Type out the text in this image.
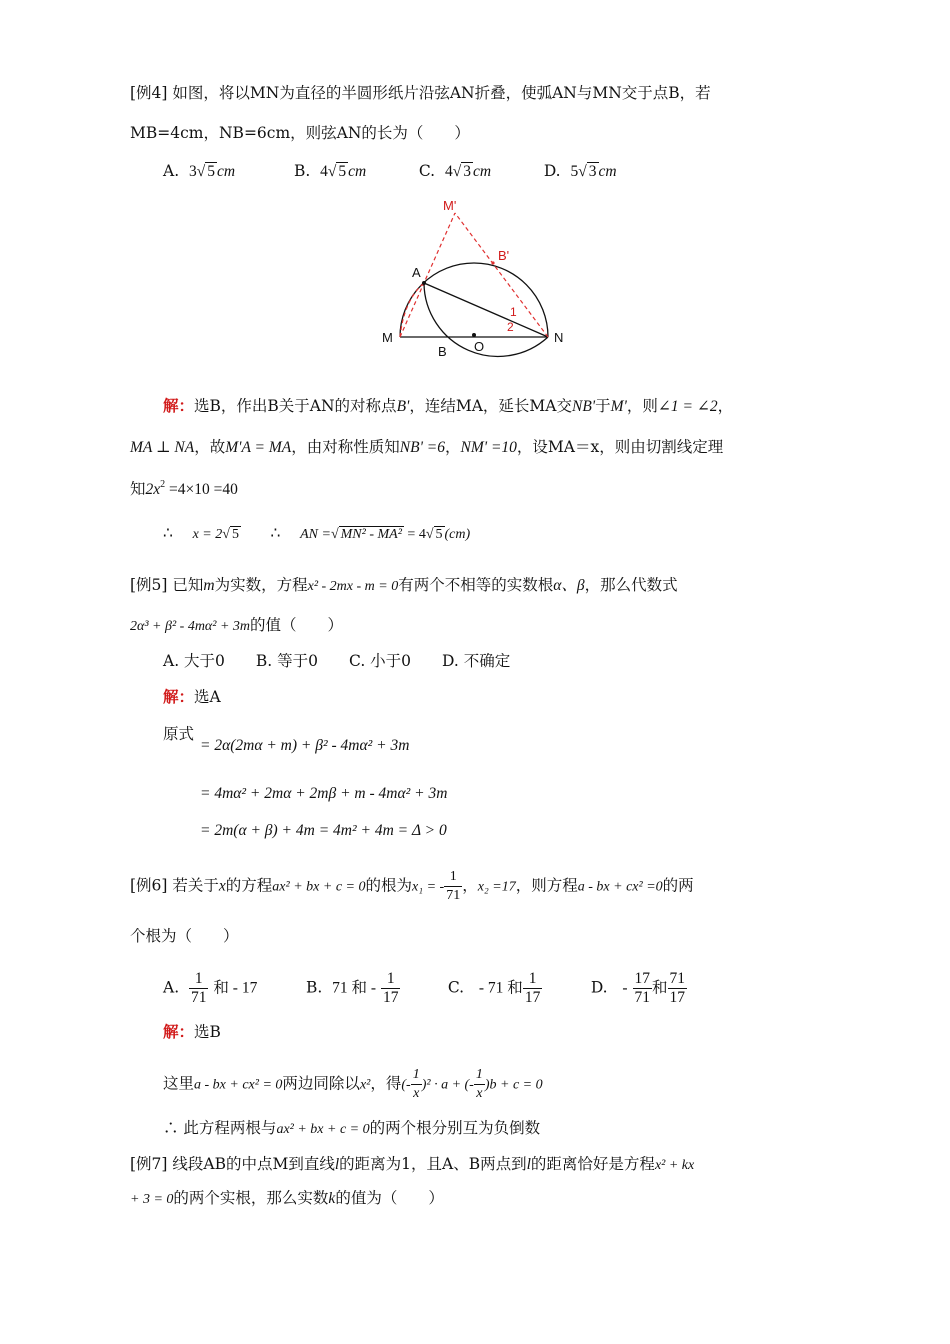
[例4] 如图，将以MN为直径的半圆形纸片沿弦AN折叠，使弧AN与MN交于点B，若
MB=4cm，NB=6cm，则弦AN的长为（　　）
A. 3√ 5 cm	B. 4√ 5 cm	C. 4√ 3 cm	D. 5√ 3 cm
M'
B'
A
M
B O
N
1
2
解：选B，作出B关于AN的对称点B'，连结MA，延长MA交NB'于M'，则∠1 = ∠2，
MA ⊥ NA，故M'A = MA，由对称性质知NB' =6，NM' =10，设MA＝x，则由切割线定理
知$2x^2 =4\times 10 =40$
∴ x = 2√ 5 ∴ AN =√ MN² - MA² = 4√ 5 (cm)
[例5] 已知m为实数，方程x² - 2mx - m = 0有两个不相等的实数根α、β，那么代数式
2α³ + β² - 4mα² + 3m的值（　　）
A. 大于0　　B. 等于0　　C. 小于0　　D. 不确定
解：选A
原式
= 2α(2mα + m) + β² - 4mα² + 3m
= 4mα² + 2mα + 2mβ + m - 4mα² + 3m
= 2m(α + β) + 4m = 4m² + 4m = Δ > 0
[例6] 若关于x的方程ax² + bx + c = 0的根为x₁ = - $\frac{1}{71}$ ，x₂ =17，则方程a - bx + cx² =0的两
个根为（　　）
A. $\frac{1}{71}$ 和 - 17	B. 71 和 - $\frac{1}{17}$	C. - 71 和 $\frac{1}{17}$	D. - $\frac{17}{71}$ 和 $\frac{71}{17}$
解：选B
这里a - bx + cx² = 0两边同除以x²，得(- $\frac{1}{x} )^2 \cdot a$ + (- $\frac{1}{x} )b + c = 0$
∴ 此方程两根与ax² + bx + c = 0的两个根分别互为负倒数
[例7] 线段AB的中点M到直线l的距离为1，且A、B两点到l的距离恰好是方程x² + kx
+ 3 = 0的两个实根，那么实数k的值为（　　）
